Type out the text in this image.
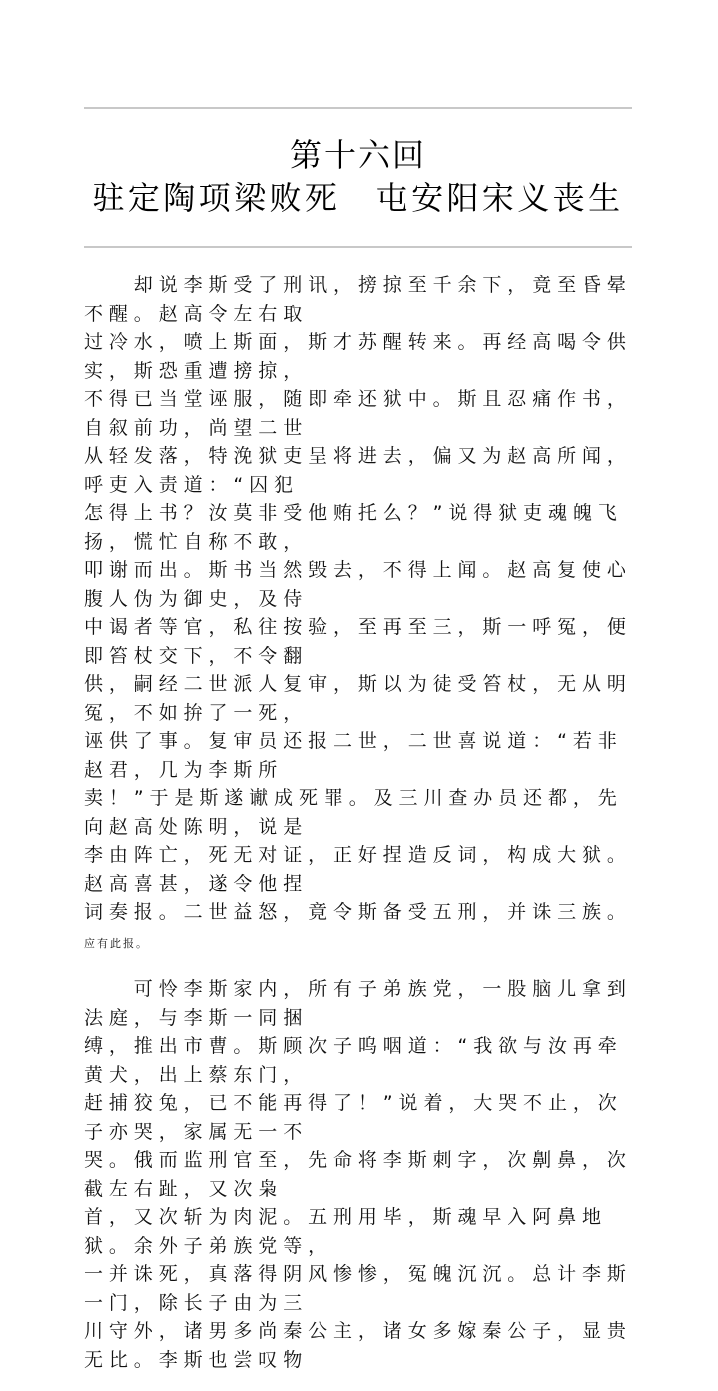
第十六回
驻定陶项梁败死　屯安阳宋义丧生

　　却说李斯受了刑讯，搒掠至千余下，竟至昏晕不醒。赵高令左右取
过冷水，喷上斯面，斯才苏醒转来。再经高喝令供实，斯恐重遭搒掠，
不得已当堂诬服，随即牵还狱中。斯且忍痛作书，自叙前功，尚望二世
从轻发落，特浼狱吏呈将进去，偏又为赵高所闻，呼吏入责道：“囚犯
怎得上书？汝莫非受他贿托么？”说得狱吏魂魄飞扬，慌忙自称不敢，
叩谢而出。斯书当然毁去，不得上闻。赵高复使心腹人伪为御史，及侍
中谒者等官，私往按验，至再至三，斯一呼冤，便即笞杖交下，不令翻
供，嗣经二世派人复审，斯以为徒受笞杖，无从明冤，不如拚了一死，
诬供了事。复审员还报二世，二世喜说道：“若非赵君，几为李斯所
卖！”于是斯遂谳成死罪。及三川查办员还都，先向赵高处陈明，说是
李由阵亡，死无对证，正好捏造反词，构成大狱。赵高喜甚，遂令他捏
词奏报。二世益怒，竟令斯备受五刑，并诛三族。应有此报。

　　可怜李斯家内，所有子弟族党，一股脑儿拿到法庭，与李斯一同捆
缚，推出市曹。斯顾次子呜咽道：“我欲与汝再牵黄犬，出上蔡东门，
赶捕狡兔，已不能再得了！”说着，大哭不止，次子亦哭，家属无一不
哭。俄而监刑官至，先命将李斯刺字，次劓鼻，次截左右趾，又次枭
首，又次斩为肉泥。五刑用毕，斯魂早入阿鼻地狱。余外子弟族党等，
一并诛死，真落得阴风惨惨，冤魄沉沉。总计李斯一门，除长子由为三
川守外，诸男多尚秦公主，诸女多嫁秦公子，显贵无比。李斯也尝叹物
